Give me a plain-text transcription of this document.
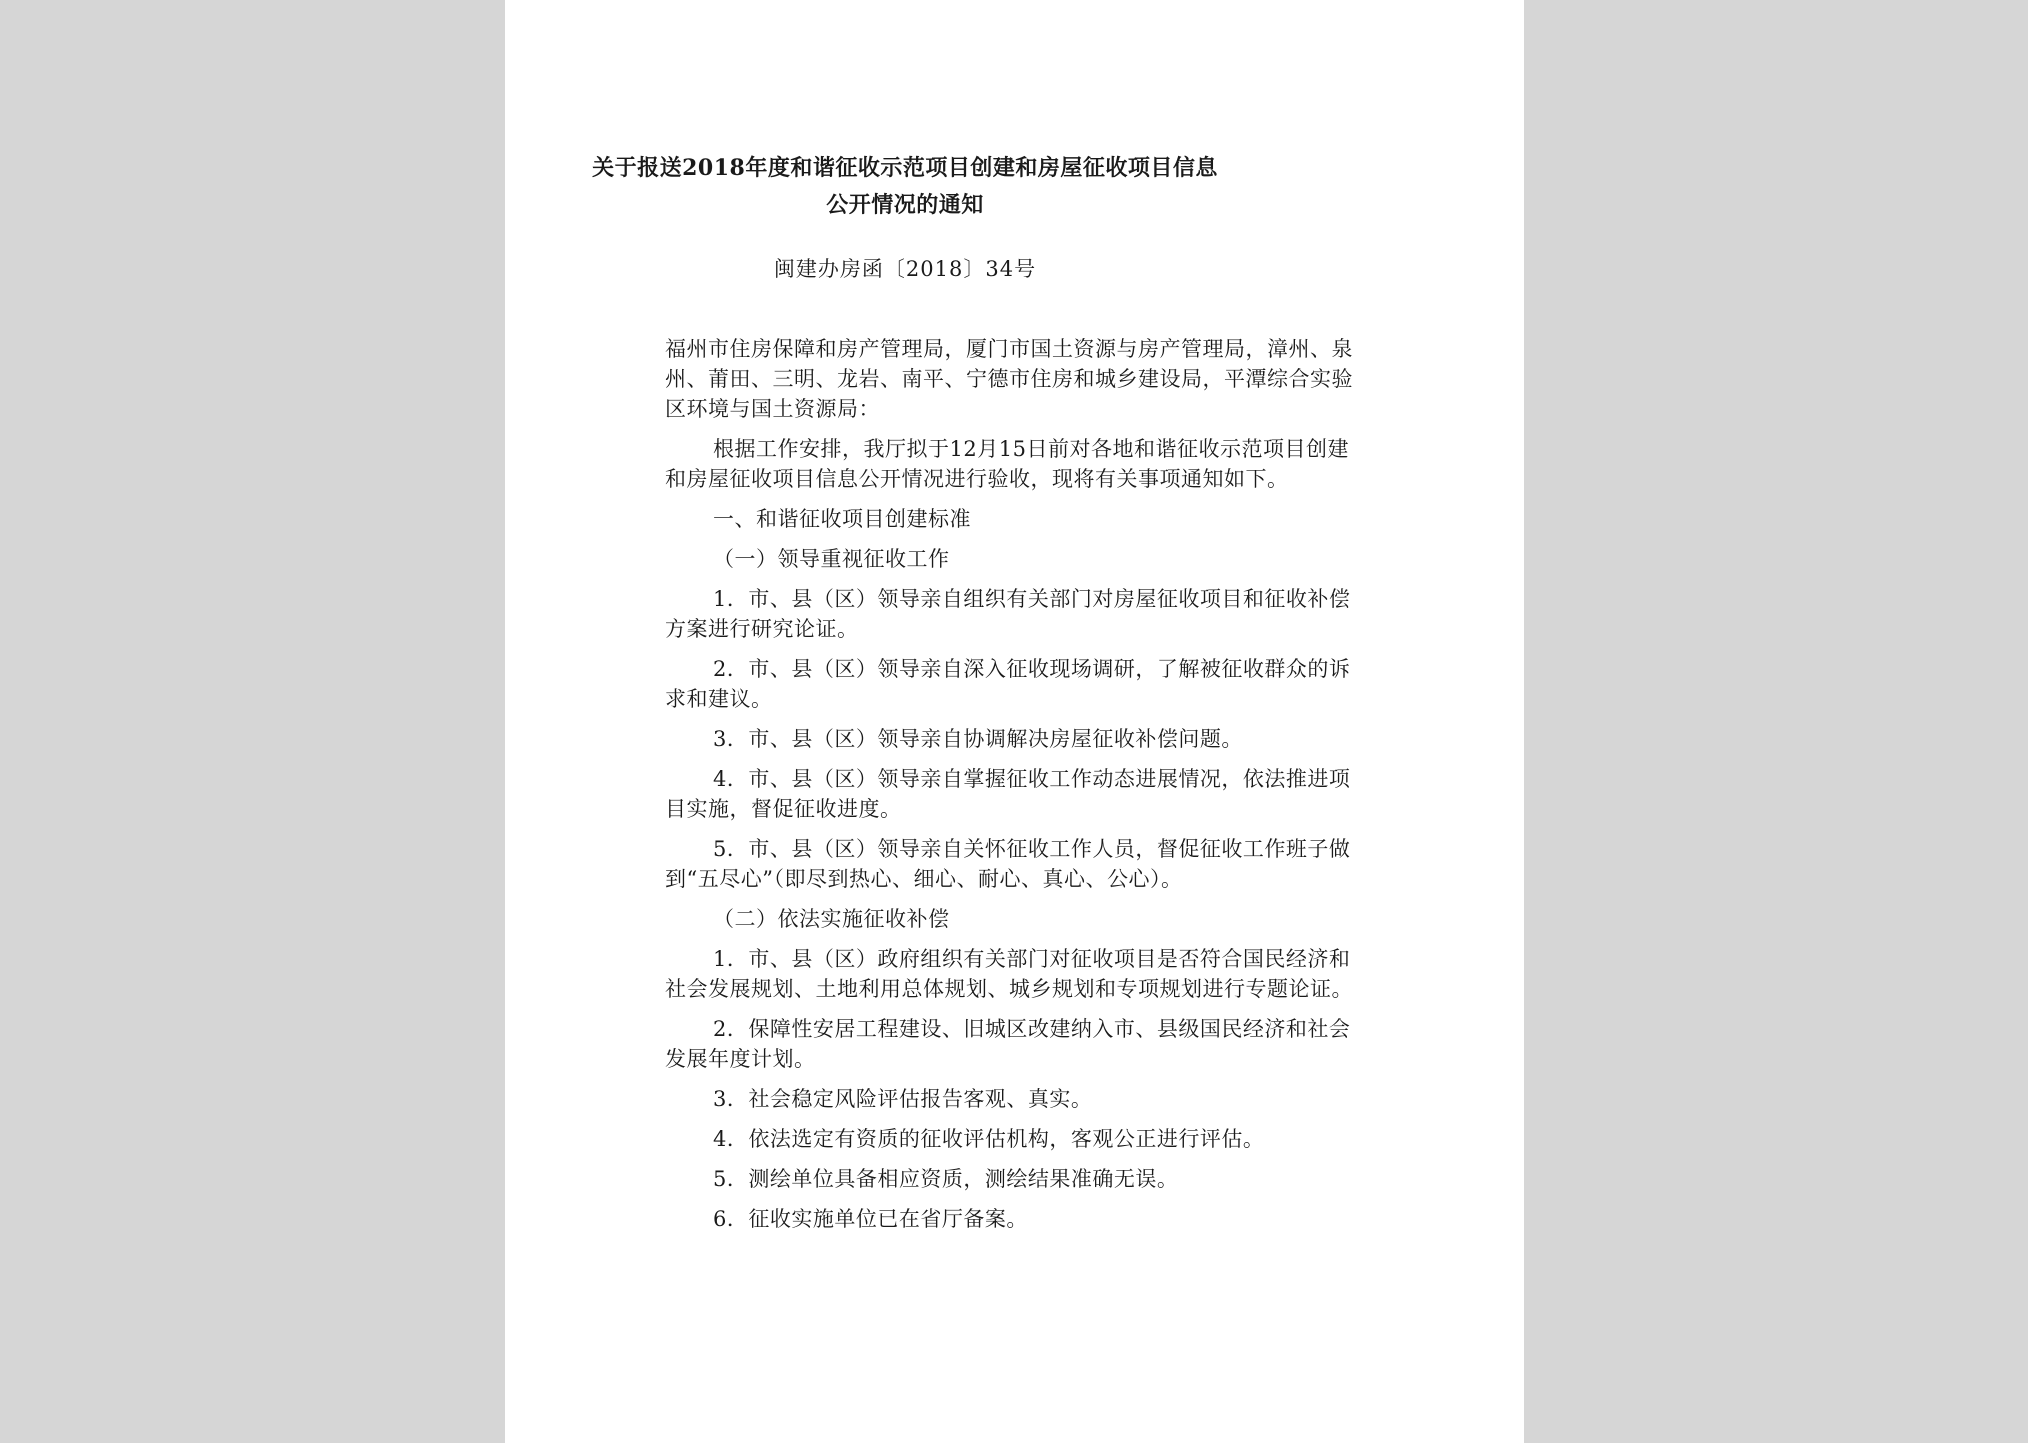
关于报送2018年度和谐征收示范项目创建和房屋征收项目信息公开情况的通知
闽建办房函〔2018〕34号

福州市住房保障和房产管理局，厦门市国土资源与房产管理局，漳州、泉州、莆田、三明、龙岩、南平、宁德市住房和城乡建设局，平潭综合实验区环境与国土资源局：

根据工作安排，我厅拟于12月15日前对各地和谐征收示范项目创建和房屋征收项目信息公开情况进行验收，现将有关事项通知如下。

一、和谐征收项目创建标准

（一）领导重视征收工作

1．市、县（区）领导亲自组织有关部门对房屋征收项目和征收补偿方案进行研究论证。

2．市、县（区）领导亲自深入征收现场调研，了解被征收群众的诉求和建议。

3．市、县（区）领导亲自协调解决房屋征收补偿问题。

4．市、县（区）领导亲自掌握征收工作动态进展情况，依法推进项目实施，督促征收进度。

5．市、县（区）领导亲自关怀征收工作人员，督促征收工作班子做到“五尽心”（即尽到热心、细心、耐心、真心、公心）。

（二）依法实施征收补偿

1．市、县（区）政府组织有关部门对征收项目是否符合国民经济和社会发展规划、土地利用总体规划、城乡规划和专项规划进行专题论证。

2．保障性安居工程建设、旧城区改建纳入市、县级国民经济和社会发展年度计划。

3．社会稳定风险评估报告客观、真实。

4．依法选定有资质的征收评估机构，客观公正进行评估。

5．测绘单位具备相应资质，测绘结果准确无误。

6．征收实施单位已在省厅备案。
